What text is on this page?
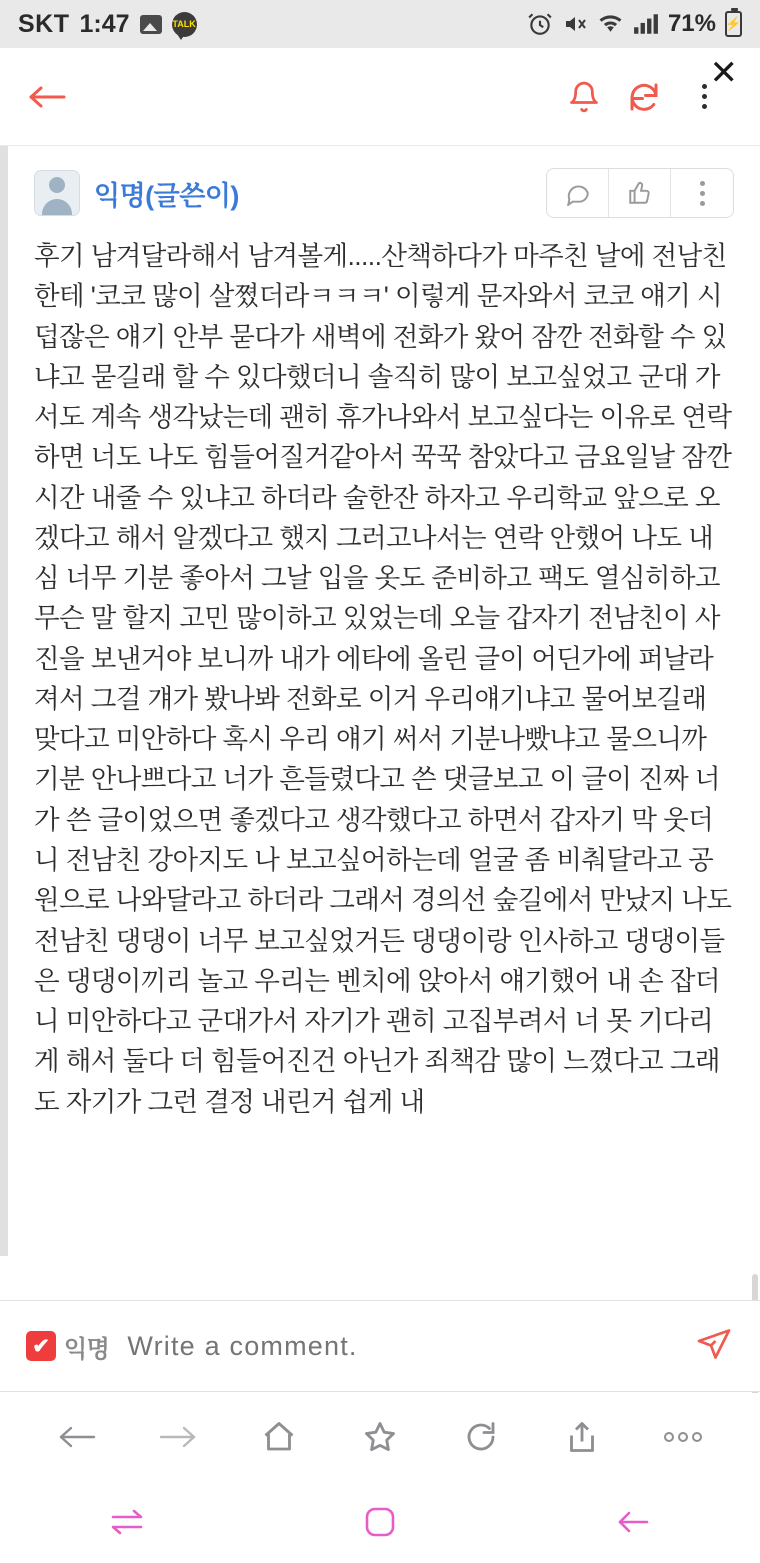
SKT 1:47	TALK	71%
⚡
✕
익명(글쓴이)
후기 남겨달라해서 남겨볼게.....산책하다가 마주친 날에 전남친한테 '코코 많이 살쪘더라ㅋㅋㅋ' 이렇게 문자와서 코코 얘기 시덥잖은 얘기 안부 묻다가 새벽에 전화가 왔어 잠깐 전화할 수 있냐고 묻길래 할 수 있다했더니 솔직히 많이 보고싶었고 군대 가서도 계속 생각났는데 괜히 휴가나와서 보고싶다는 이유로 연락하면 너도 나도 힘들어질거같아서 꾹꾹 참았다고 금요일날 잠깐 시간 내줄 수 있냐고 하더라 술한잔 하자고 우리학교 앞으로 오겠다고 해서 알겠다고 했지 그러고나서는 연락 안했어 나도 내심 너무 기분 좋아서 그날 입을 옷도 준비하고 팩도 열심히하고 무슨 말 할지 고민 많이하고 있었는데 오늘 갑자기 전남친이 사진을 보낸거야 보니까 내가 에타에 올린 글이 어딘가에 퍼날라져서 그걸 걔가 봤나봐 전화로 이거 우리얘기냐고 물어보길래 맞다고 미안하다 혹시 우리 얘기 써서 기분나빴냐고 물으니까 기분 안나쁘다고 너가 흔들렸다고 쓴 댓글보고 이 글이 진짜 너가 쓴 글이었으면 좋겠다고 생각했다고 하면서 갑자기 막 웃더니 전남친 강아지도 나 보고싶어하는데 얼굴 좀 비춰달라고 공원으로 나와달라고 하더라 그래서 경의선 숲길에서 만났지 나도 전남친 댕댕이 너무 보고싶었거든 댕댕이랑 인사하고 댕댕이들은 댕댕이끼리 놀고 우리는 벤치에 앉아서 얘기했어 내 손 잡더니 미안하다고 군대가서 자기가 괜히 고집부려서 너 못 기다리게 해서 둘다 더 힘들어진건 아닌가 죄책감 많이 느꼈다고 그래도 자기가 그런 결정 내린거 쉽게 내
✔ 익명
Write a comment.
